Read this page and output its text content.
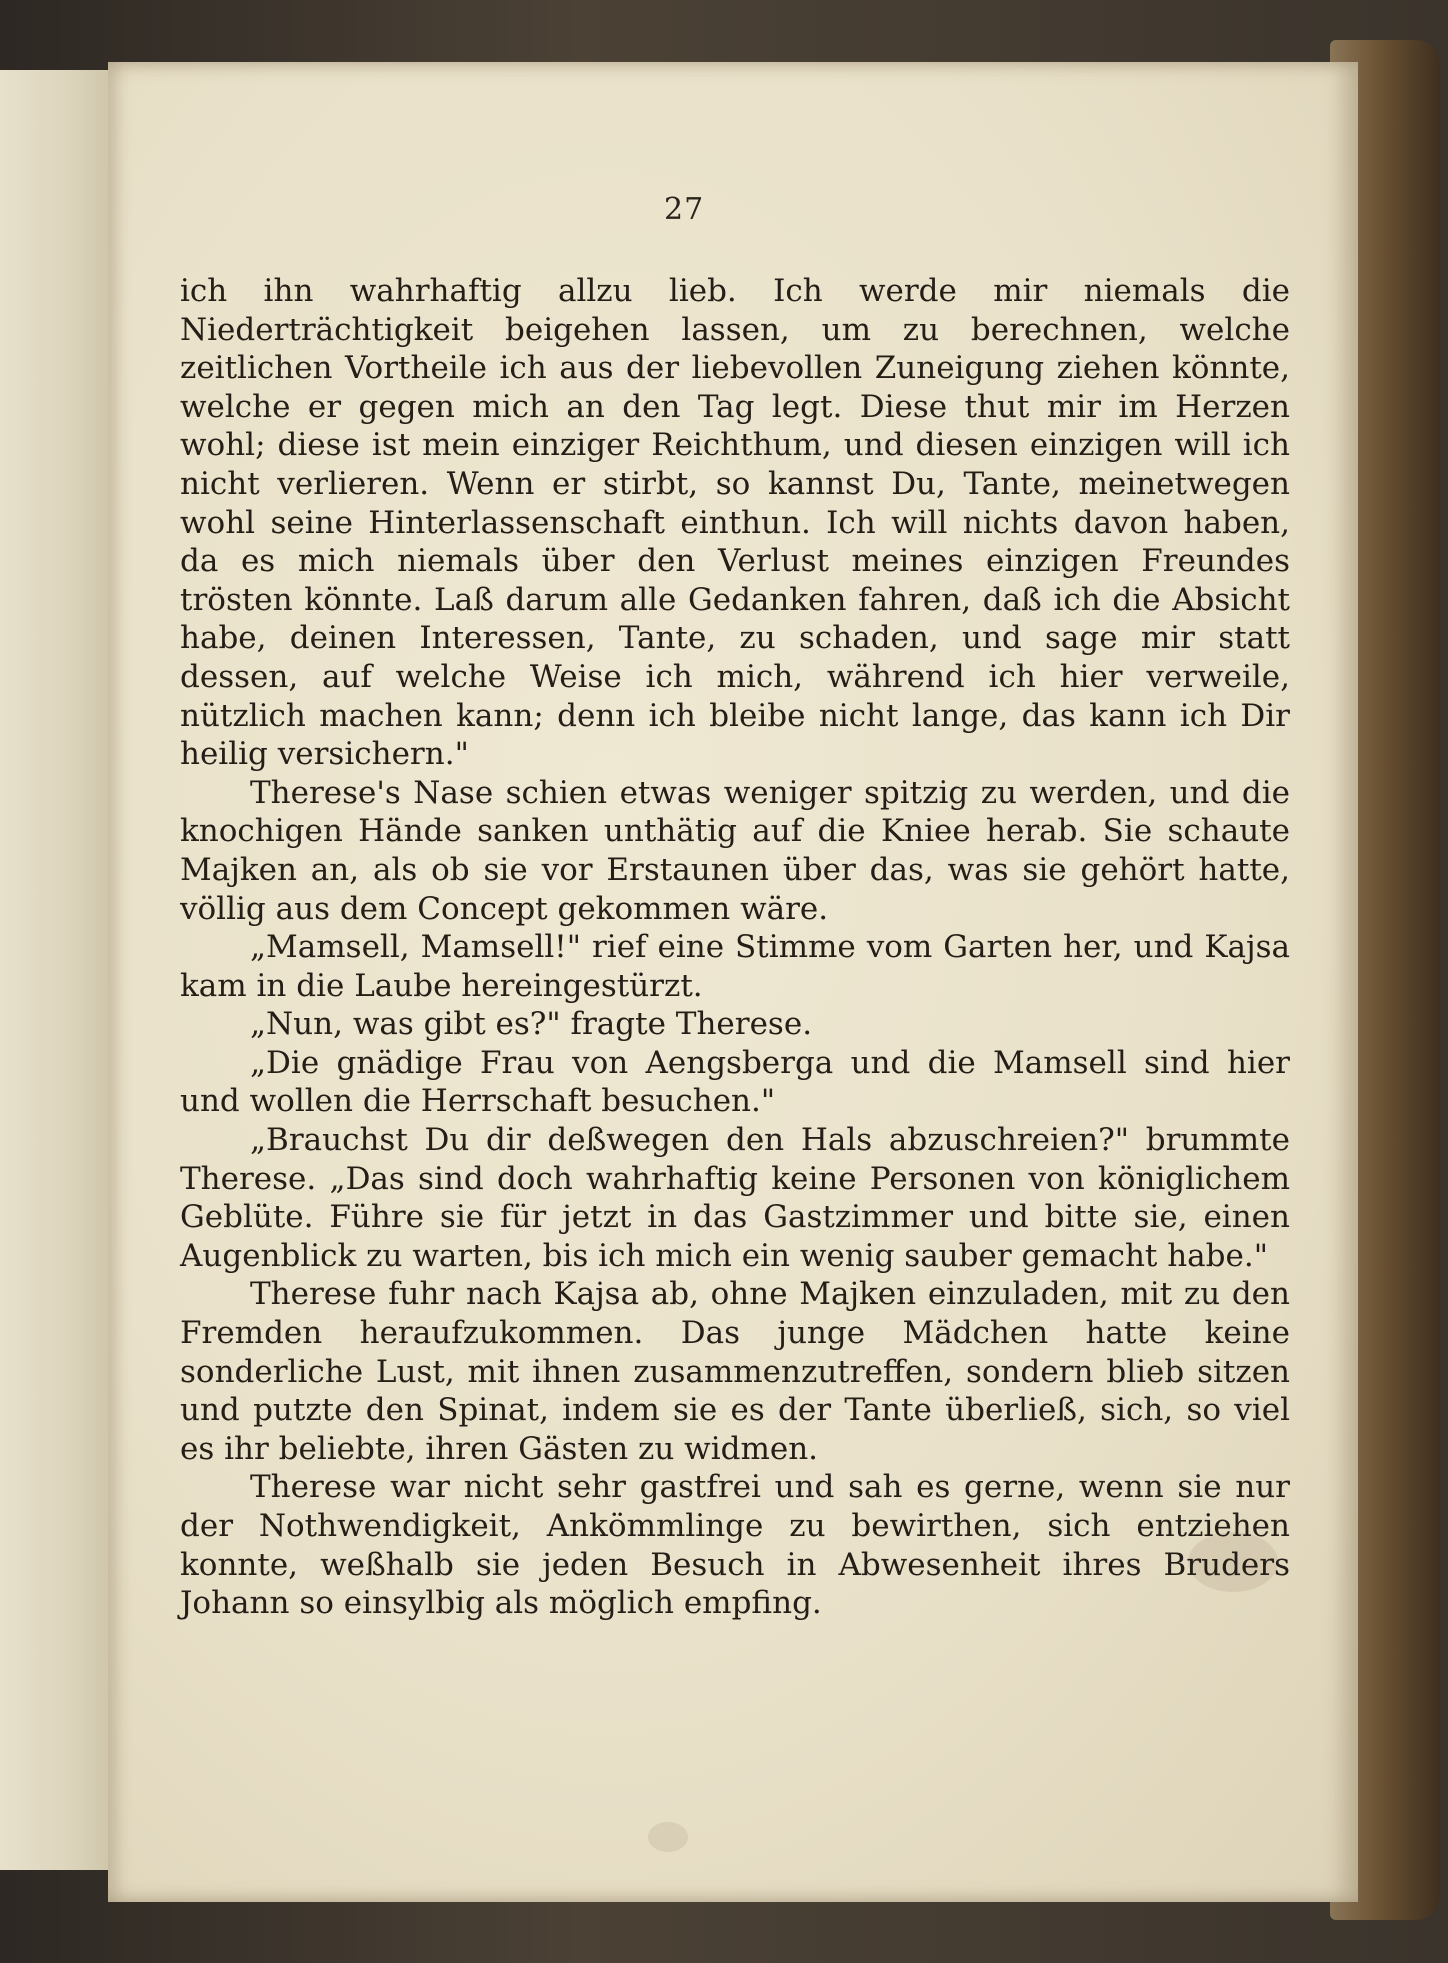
27

ich ihn wahrhaftig allzu lieb. Ich werde mir niemals die Niederträchtigkeit beigehen lassen, um zu berechnen, welche zeitlichen Vortheile ich aus der liebevollen Zuneigung ziehen könnte, welche er gegen mich an den Tag legt. Diese thut mir im Herzen wohl; diese ist mein einziger Reichthum, und diesen einzigen will ich nicht verlieren. Wenn er stirbt, so kannst Du, Tante, meinetwegen wohl seine Hinterlassenschaft einthun. Ich will nichts davon haben, da es mich niemals über den Verlust meines einzigen Freundes trösten könnte. Laß darum alle Gedanken fahren, daß ich die Absicht habe, deinen Interessen, Tante, zu schaden, und sage mir statt dessen, auf welche Weise ich mich, während ich hier verweile, nützlich machen kann; denn ich bleibe nicht lange, das kann ich Dir heilig versichern."

Therese's Nase schien etwas weniger spitzig zu werden, und die knochigen Hände sanken unthätig auf die Kniee herab. Sie schaute Majken an, als ob sie vor Erstaunen über das, was sie gehört hatte, völlig aus dem Concept gekommen wäre.

„Mamsell, Mamsell!" rief eine Stimme vom Garten her, und Kajsa kam in die Laube hereingestürzt.

„Nun, was gibt es?" fragte Therese.

„Die gnädige Frau von Aengsberga und die Mamsell sind hier und wollen die Herrschaft besuchen."

„Brauchst Du dir deßwegen den Hals abzuschreien?" brummte Therese. „Das sind doch wahrhaftig keine Personen von königlichem Geblüte. Führe sie für jetzt in das Gastzimmer und bitte sie, einen Augenblick zu warten, bis ich mich ein wenig sauber gemacht habe."

Therese fuhr nach Kajsa ab, ohne Majken einzuladen, mit zu den Fremden heraufzukommen. Das junge Mädchen hatte keine sonderliche Lust, mit ihnen zusammenzutreffen, sondern blieb sitzen und putzte den Spinat, indem sie es der Tante überließ, sich, so viel es ihr beliebte, ihren Gästen zu widmen.

Therese war nicht sehr gastfrei und sah es gerne, wenn sie nur der Nothwendigkeit, Ankömmlinge zu bewirthen, sich entziehen konnte, weßhalb sie jeden Besuch in Abwesenheit ihres Bruders Johann so einsylbig als möglich empfing.
